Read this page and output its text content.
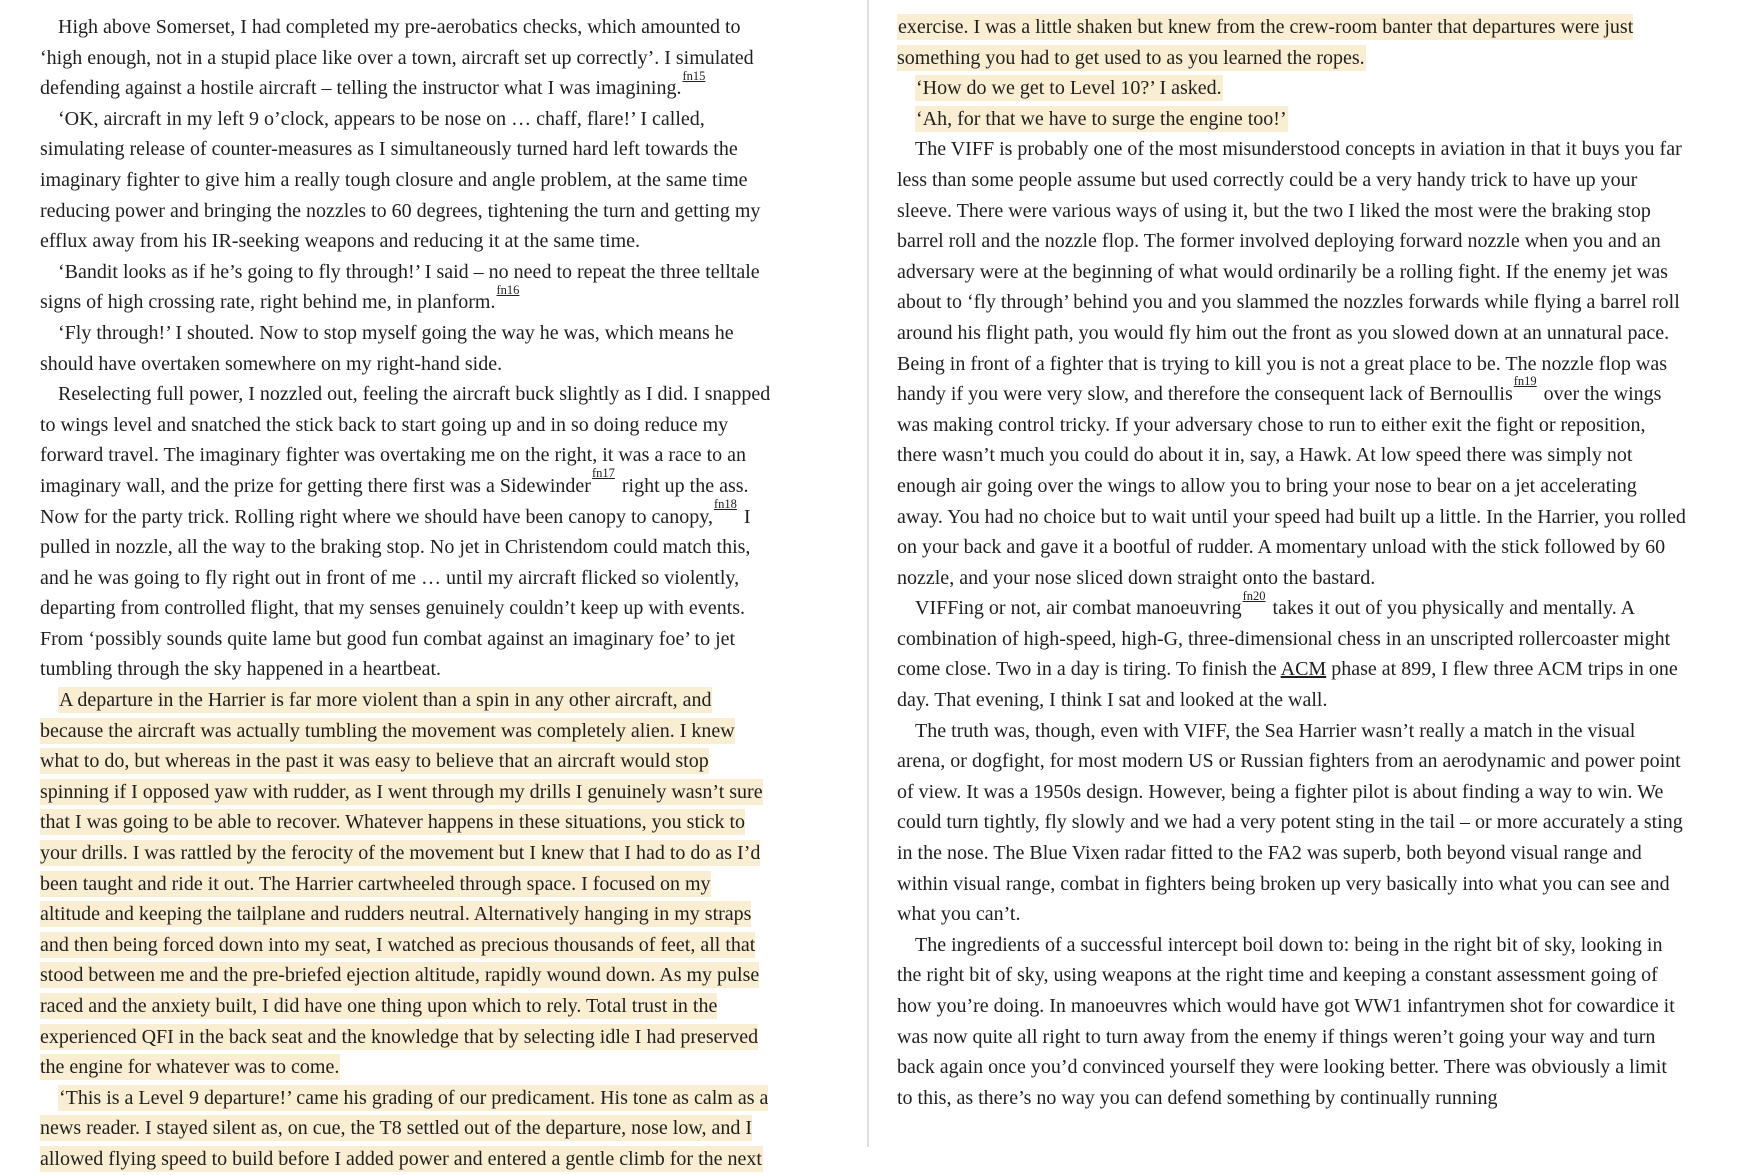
High above Somerset, I had completed my pre-aerobatics checks, which amounted to ‘high enough, not in a stupid place like over a town, aircraft set up correctly’. I simulated defending against a hostile aircraft – telling the instructor what I was imagining.$^{fn15}$

‘OK, aircraft in my left 9 o’clock, appears to be nose on … chaff, flare!’ I called, simulating release of counter-measures as I simultaneously turned hard left towards the imaginary fighter to give him a really tough closure and angle problem, at the same time reducing power and bringing the nozzles to 60 degrees, tightening the turn and getting my efflux away from his IR-seeking weapons and reducing it at the same time.

‘Bandit looks as if he’s going to fly through!’ I said – no need to repeat the three telltale signs of high crossing rate, right behind me, in planform.$^{fn16}$

‘Fly through!’ I shouted. Now to stop myself going the way he was, which means he should have overtaken somewhere on my right-hand side.

Reselecting full power, I nozzled out, feeling the aircraft buck slightly as I did. I snapped to wings level and snatched the stick back to start going up and in so doing reduce my forward travel. The imaginary fighter was overtaking me on the right, it was a race to an imaginary wall, and the prize for getting there first was a Sidewinder$^{fn17}$right up the ass. Now for the party trick. Rolling right where we should have been canopy to canopy,$^{fn18}$I pulled in nozzle, all the way to the braking stop. No jet in Christendom could match this, and he was going to fly right out in front of me … until my aircraft flicked so violently, departing from controlled flight, that my senses genuinely couldn’t keep up with events. From ‘possibly sounds quite lame but good fun combat against an imaginary foe’ to jet tumbling through the sky happened in a heartbeat.

A departure in the Harrier is far more violent than a spin in any other aircraft, and because the aircraft was actually tumbling the movement was completely alien. I knew what to do, but whereas in the past it was easy to believe that an aircraft would stop spinning if I opposed yaw with rudder, as I went through my drills I genuinely wasn’t sure that I was going to be able to recover. Whatever happens in these situations, you stick to your drills. I was rattled by the ferocity of the movement but I knew that I had to do as I’d been taught and ride it out. The Harrier cartwheeled through space. I focused on my altitude and keeping the tailplane and rudders neutral. Alternatively hanging in my straps and then being forced down into my seat, I watched as precious thousands of feet, all that stood between me and the pre-briefed ejection altitude, rapidly wound down. As my pulse raced and the anxiety built, I did have one thing upon which to rely. Total trust in the experienced QFI in the back seat and the knowledge that by selecting idle I had preserved the engine for whatever was to come.

‘This is a Level 9 departure!’ came his grading of our predicament. His tone as calm as a news reader. I stayed silent as, on cue, the T8 settled out of the departure, nose low, and I allowed flying speed to build before I added power and entered a gentle climb for the next

exercise. I was a little shaken but knew from the crew-room banter that departures were just something you had to get used to as you learned the ropes.

‘How do we get to Level 10?’ I asked.

‘Ah, for that we have to surge the engine too!’

The VIFF is probably one of the most misunderstood concepts in aviation in that it buys you far less than some people assume but used correctly could be a very handy trick to have up your sleeve. There were various ways of using it, but the two I liked the most were the braking stop barrel roll and the nozzle flop. The former involved deploying forward nozzle when you and an adversary were at the beginning of what would ordinarily be a rolling fight. If the enemy jet was about to ‘fly through’ behind you and you slammed the nozzles forwards while flying a barrel roll around his flight path, you would fly him out the front as you slowed down at an unnatural pace. Being in front of a fighter that is trying to kill you is not a great place to be. The nozzle flop was handy if you were very slow, and therefore the consequent lack of Bernoullis$^{fn19}$over the wings was making control tricky. If your adversary chose to run to either exit the fight or reposition, there wasn’t much you could do about it in, say, a Hawk. At low speed there was simply not enough air going over the wings to allow you to bring your nose to bear on a jet accelerating away. You had no choice but to wait until your speed had built up a little. In the Harrier, you rolled on your back and gave it a bootful of rudder. A momentary unload with the stick followed by 60 nozzle, and your nose sliced down straight onto the bastard.

VIFFing or not, air combat manoeuvring$^{fn20}$takes it out of you physically and mentally. A combination of high-speed, high-G, three-dimensional chess in an unscripted rollercoaster might come close. Two in a day is tiring. To finish the ACM phase at 899, I flew three ACM trips in one day. That evening, I think I sat and looked at the wall.

The truth was, though, even with VIFF, the Sea Harrier wasn’t really a match in the visual arena, or dogfight, for most modern US or Russian fighters from an aerodynamic and power point of view. It was a 1950s design. However, being a fighter pilot is about finding a way to win. We could turn tightly, fly slowly and we had a very potent sting in the tail – or more accurately a sting in the nose. The Blue Vixen radar fitted to the FA2 was superb, both beyond visual range and within visual range, combat in fighters being broken up very basically into what you can see and what you can’t.

The ingredients of a successful intercept boil down to: being in the right bit of sky, looking in the right bit of sky, using weapons at the right time and keeping a constant assessment going of how you’re doing. In manoeuvres which would have got WW1 infantrymen shot for cowardice it was now quite all right to turn away from the enemy if things weren’t going your way and turn back again once you’d convinced yourself they were looking better. There was obviously a limit to this, as there’s no way you can defend something by continually running
